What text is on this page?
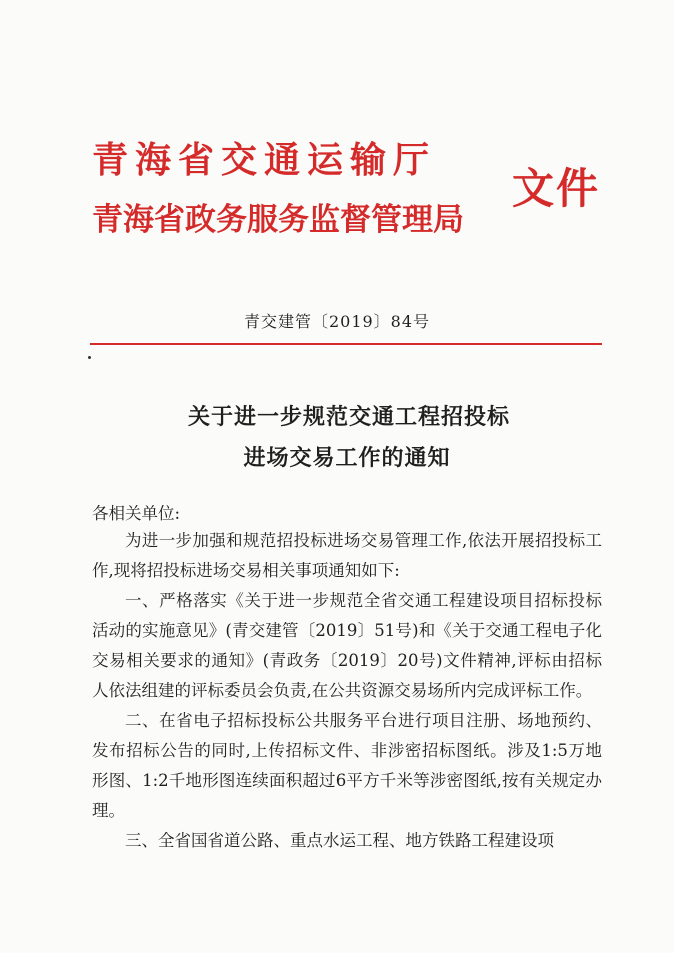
青海省交通运输厅
青海省政务服务监督管理局
文件
青交建管〔2019〕84号
关于进一步规范交通工程招投标
进场交易工作的通知
各相关单位:

为进一步加强和规范招投标进场交易管理工作,依法开展招投标工作,现将招投标进场交易相关事项通知如下:

一、严格落实《关于进一步规范全省交通工程建设项目招标投标活动的实施意见》(青交建管〔2019〕51号)和《关于交通工程电子化交易相关要求的通知》(青政务〔2019〕20号)文件精神,评标由招标人依法组建的评标委员会负责,在公共资源交易场所内完成评标工作。

二、在省电子招标投标公共服务平台进行项目注册、场地预约、发布招标公告的同时,上传招标文件、非涉密招标图纸。涉及1:5万地形图、1:2千地形图连续面积超过6平方千米等涉密图纸,按有关规定办理。

三、全省国省道公路、重点水运工程、地方铁路工程建设项
